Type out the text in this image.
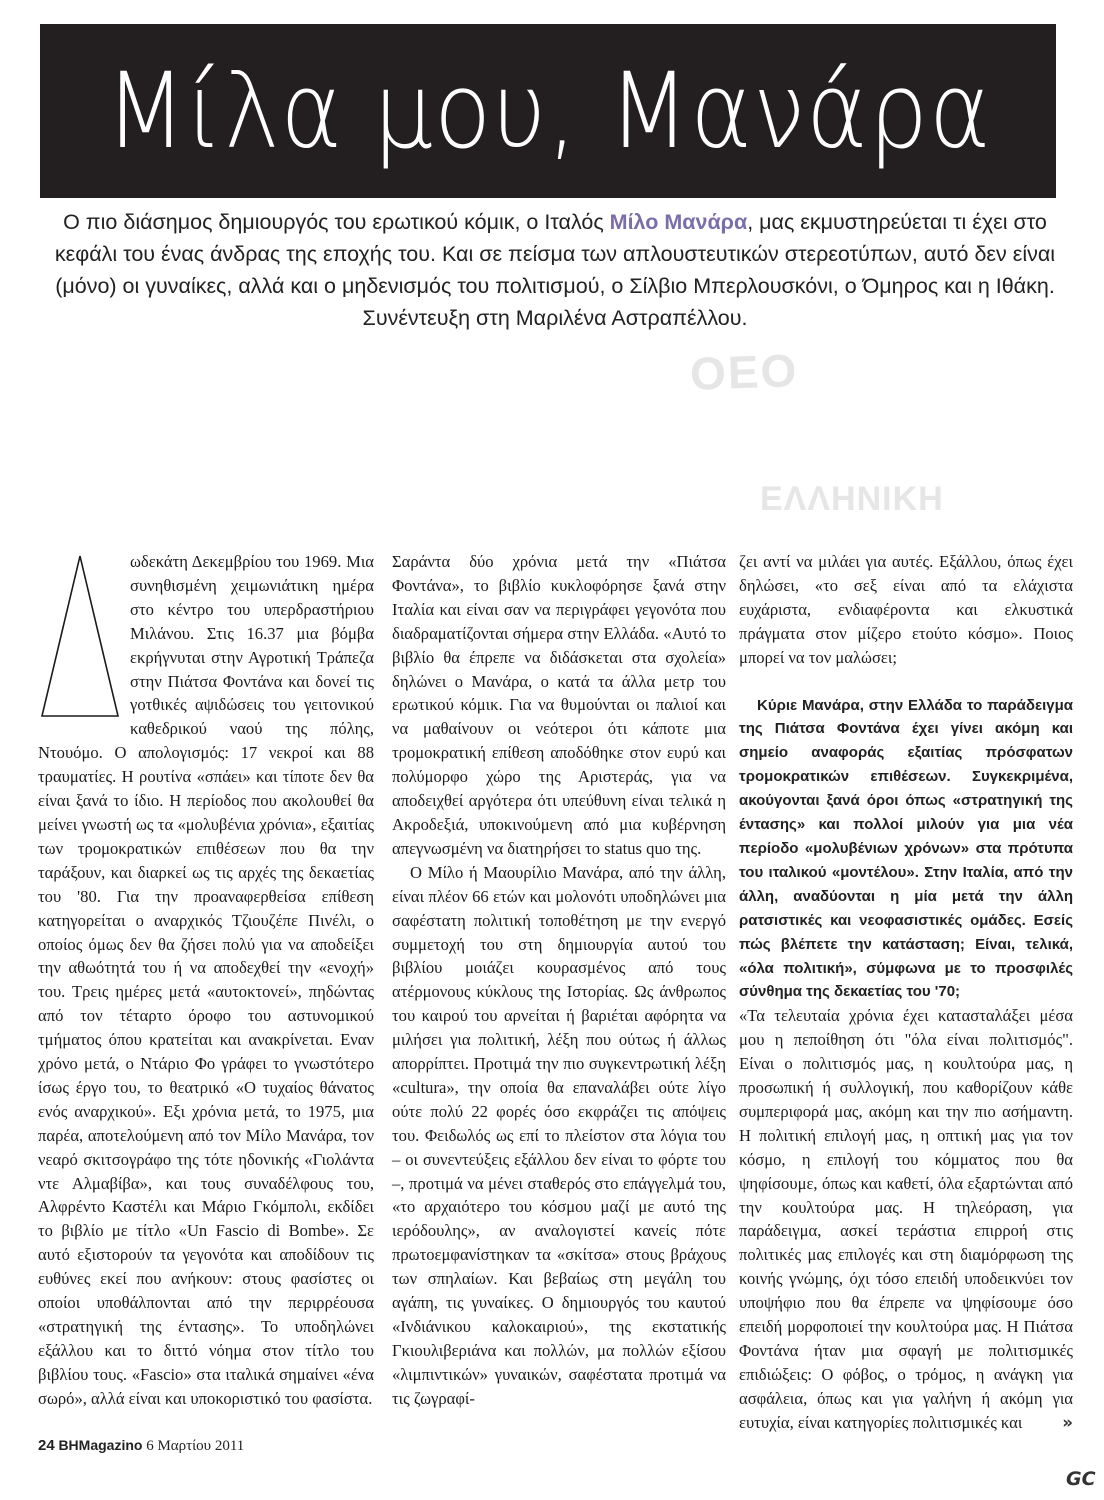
ΟΕΟ
ΕΛΛΗΝΙΚΗ
Μίλα μου, Μανάρα
Ο πιο διάσημος δημιουργός του ερωτικού κόμικ, ο Ιταλός Μίλο Μανάρα, μας εκμυστηρεύεται τι έχει στο κεφάλι του ένας άνδρας της εποχής του. Και σε πείσμα των απλουστευτικών στερεοτύπων, αυτό δεν είναι (μόνο) οι γυναίκες, αλλά και ο μηδενισμός του πολιτισμού, ο Σίλβιο Μπερλουσκόνι, ο Όμηρος και η Ιθάκη.
Συνέντευξη στη Μαριλένα Αστραπέλλου.

ωδεκάτη Δεκεμβρίου του 1969. Μια συνηθισμένη χειμωνιάτικη ημέρα στο κέντρο του υπερδραστήριου Μιλάνου. Στις 16.37 μια βόμβα εκρήγνυται στην Αγροτική Τράπεζα στην Πιάτσα Φοντάνα και δονεί τις γοτθικές αψιδώσεις του γειτονικού καθεδρικού ναού της πόλης, Ντουόμο. Ο απολογισμός: 17 νεκροί και 88 τραυματίες. Η ρουτίνα «σπάει» και τίποτε δεν θα είναι ξανά το ίδιο. Η περίοδος που ακολουθεί θα μείνει γνωστή ως τα «μολυβένια χρόνια», εξαιτίας των τρομοκρατικών επιθέσεων που θα την ταράξουν, και διαρκεί ως τις αρχές της δεκαετίας του '80. Για την προαναφερθείσα επίθεση κατηγορείται ο αναρχικός Τζιουζέπε Πινέλι, ο οποίος όμως δεν θα ζήσει πολύ για να αποδείξει την αθωότητά του ή να αποδεχθεί την «ενοχή» του. Τρεις ημέρες μετά «αυτοκτονεί», πηδώντας από τον τέταρτο όροφο του αστυνομικού τμήματος όπου κρατείται και ανακρίνεται. Εναν χρόνο μετά, ο Ντάριο Φο γράφει το γνωστότερο ίσως έργο του, το θεατρικό «Ο τυχαίος θάνατος ενός αναρχικού». Εξι χρόνια μετά, το 1975, μια παρέα, αποτελούμενη από τον Μίλο Μανάρα, τον νεαρό σκιτσογράφο της τότε ηδονικής «Γιολάντα ντε Αλμαβίβα», και τους συναδέλφους του, Αλφρέντο Καστέλι και Μάριο Γκόμπολι, εκδίδει το βιβλίο με τίτλο «Un Fascio di Bombe». Σε αυτό εξιστορούν τα γεγονότα και αποδίδουν τις ευθύνες εκεί που ανήκουν: στους φασίστες οι οποίοι υποθάλπονται από την περιρρέουσα «στρατηγική της έντασης». Το υποδηλώνει εξάλλου και το διττό νόημα στον τίτλο του βιβλίου τους. «Fascio» στα ιταλικά σημαίνει «ένα σωρό», αλλά είναι και υποκοριστικό του φασίστα.

Σαράντα δύο χρόνια μετά την «Πιάτσα Φοντάνα», το βιβλίο κυκλοφόρησε ξανά στην Ιταλία και είναι σαν να περιγράφει γεγονότα που διαδραματίζονται σήμερα στην Ελλάδα. «Αυτό το βιβλίο θα έπρεπε να διδάσκεται στα σχολεία» δηλώνει ο Μανάρα, ο κατά τα άλλα μετρ του ερωτικού κόμικ. Για να θυμούνται οι παλιοί και να μαθαίνουν οι νεότεροι ότι κάποτε μια τρομοκρατική επίθεση αποδόθηκε στον ευρύ και πολύμορφο χώρο της Αριστεράς, για να αποδειχθεί αργότερα ότι υπεύθυνη είναι τελικά η Ακροδεξιά, υποκινούμενη από μια κυβέρνηση απεγνωσμένη να διατηρήσει το status quo της.

Ο Μίλο ή Μαουρίλιο Μανάρα, από την άλλη, είναι πλέον 66 ετών και μολονότι υποδηλώνει μια σαφέστατη πολιτική τοποθέτηση με την ενεργό συμμετοχή του στη δημιουργία αυτού του βιβλίου μοιάζει κουρασμένος από τους ατέρμονους κύκλους της Ιστορίας. Ως άνθρωπος του καιρού του αρνείται ή βαριέται αφόρητα να μιλήσει για πολιτική, λέξη που ούτως ή άλλως απορρίπτει. Προτιμά την πιο συγκεντρωτική λέξη «cultura», την οποία θα επαναλάβει ούτε λίγο ούτε πολύ 22 φορές όσο εκφράζει τις απόψεις του. Φειδωλός ως επί το πλείστον στα λόγια του – οι συνεντεύξεις εξάλλου δεν είναι το φόρτε του –, προτιμά να μένει σταθερός στο επάγγελμά του, «το αρχαιότερο του κόσμου μαζί με αυτό της ιερόδουλης», αν αναλογιστεί κανείς πότε πρωτοεμφανίστηκαν τα «σκίτσα» στους βράχους των σπηλαίων. Και βεβαίως στη μεγάλη του αγάπη, τις γυναίκες. Ο δημιουργός του καυτού «Ινδιάνικου καλοκαιριού», της εκστατικής Γκιουλιβεριάνα και πολλών, μα πολλών εξίσου «λιμπιντικών» γυναικών, σαφέστατα προτιμά να τις ζωγραφί-

ζει αντί να μιλάει για αυτές. Εξάλλου, όπως έχει δηλώσει, «το σεξ είναι από τα ελάχιστα ευχάριστα, ενδιαφέροντα και ελκυστικά πράγματα στον μίζερο ετούτο κόσμο». Ποιος μπορεί να τον μαλώσει;

Κύριε Μανάρα, στην Ελλάδα το παράδειγμα της Πιάτσα Φοντάνα έχει γίνει ακόμη και σημείο αναφοράς εξαιτίας πρόσφατων τρομοκρατικών επιθέσεων. Συγκεκριμένα, ακούγονται ξανά όροι όπως «στρατηγική της έντασης» και πολλοί μιλούν για μια νέα περίοδο «μολυβένιων χρόνων» στα πρότυπα του ιταλικού «μοντέλου». Στην Ιταλία, από την άλλη, αναδύονται η μία μετά την άλλη ρατσιστικές και νεοφασιστικές ομάδες. Εσείς πώς βλέπετε την κατάσταση; Είναι, τελικά, «όλα πολιτική», σύμφωνα με το προσφιλές σύνθημα της δεκαετίας του '70;

«Τα τελευταία χρόνια έχει κατασταλάξει μέσα μου η πεποίθηση ότι "όλα είναι πολιτισμός". Είναι ο πολιτισμός μας, η κουλτούρα μας, η προσωπική ή συλλογική, που καθορίζουν κάθε συμπεριφορά μας, ακόμη και την πιο ασήμαντη. Η πολιτική επιλογή μας, η οπτική μας για τον κόσμο, η επιλογή του κόμματος που θα ψηφίσουμε, όπως και καθετί, όλα εξαρτώνται από την κουλτούρα μας. Η τηλεόραση, για παράδειγμα, ασκεί τεράστια επιρροή στις πολιτικές μας επιλογές και στη διαμόρφωση της κοινής γνώμης, όχι τόσο επειδή υποδεικνύει τον υποψήφιο που θα έπρεπε να ψηφίσουμε όσο επειδή μορφοποιεί την κουλτούρα μας. Η Πιάτσα Φοντάνα ήταν μια σφαγή με πολιτισμικές επιδιώξεις: Ο φόβος, ο τρόμος, η ανάγκη για ασφάλεια, όπως και για γαλήνη ή ακόμη για ευτυχία, είναι κατηγορίες πολιτισμικές και »

24 ΒΗMagazino 6 Μαρτίου 2011
GC
